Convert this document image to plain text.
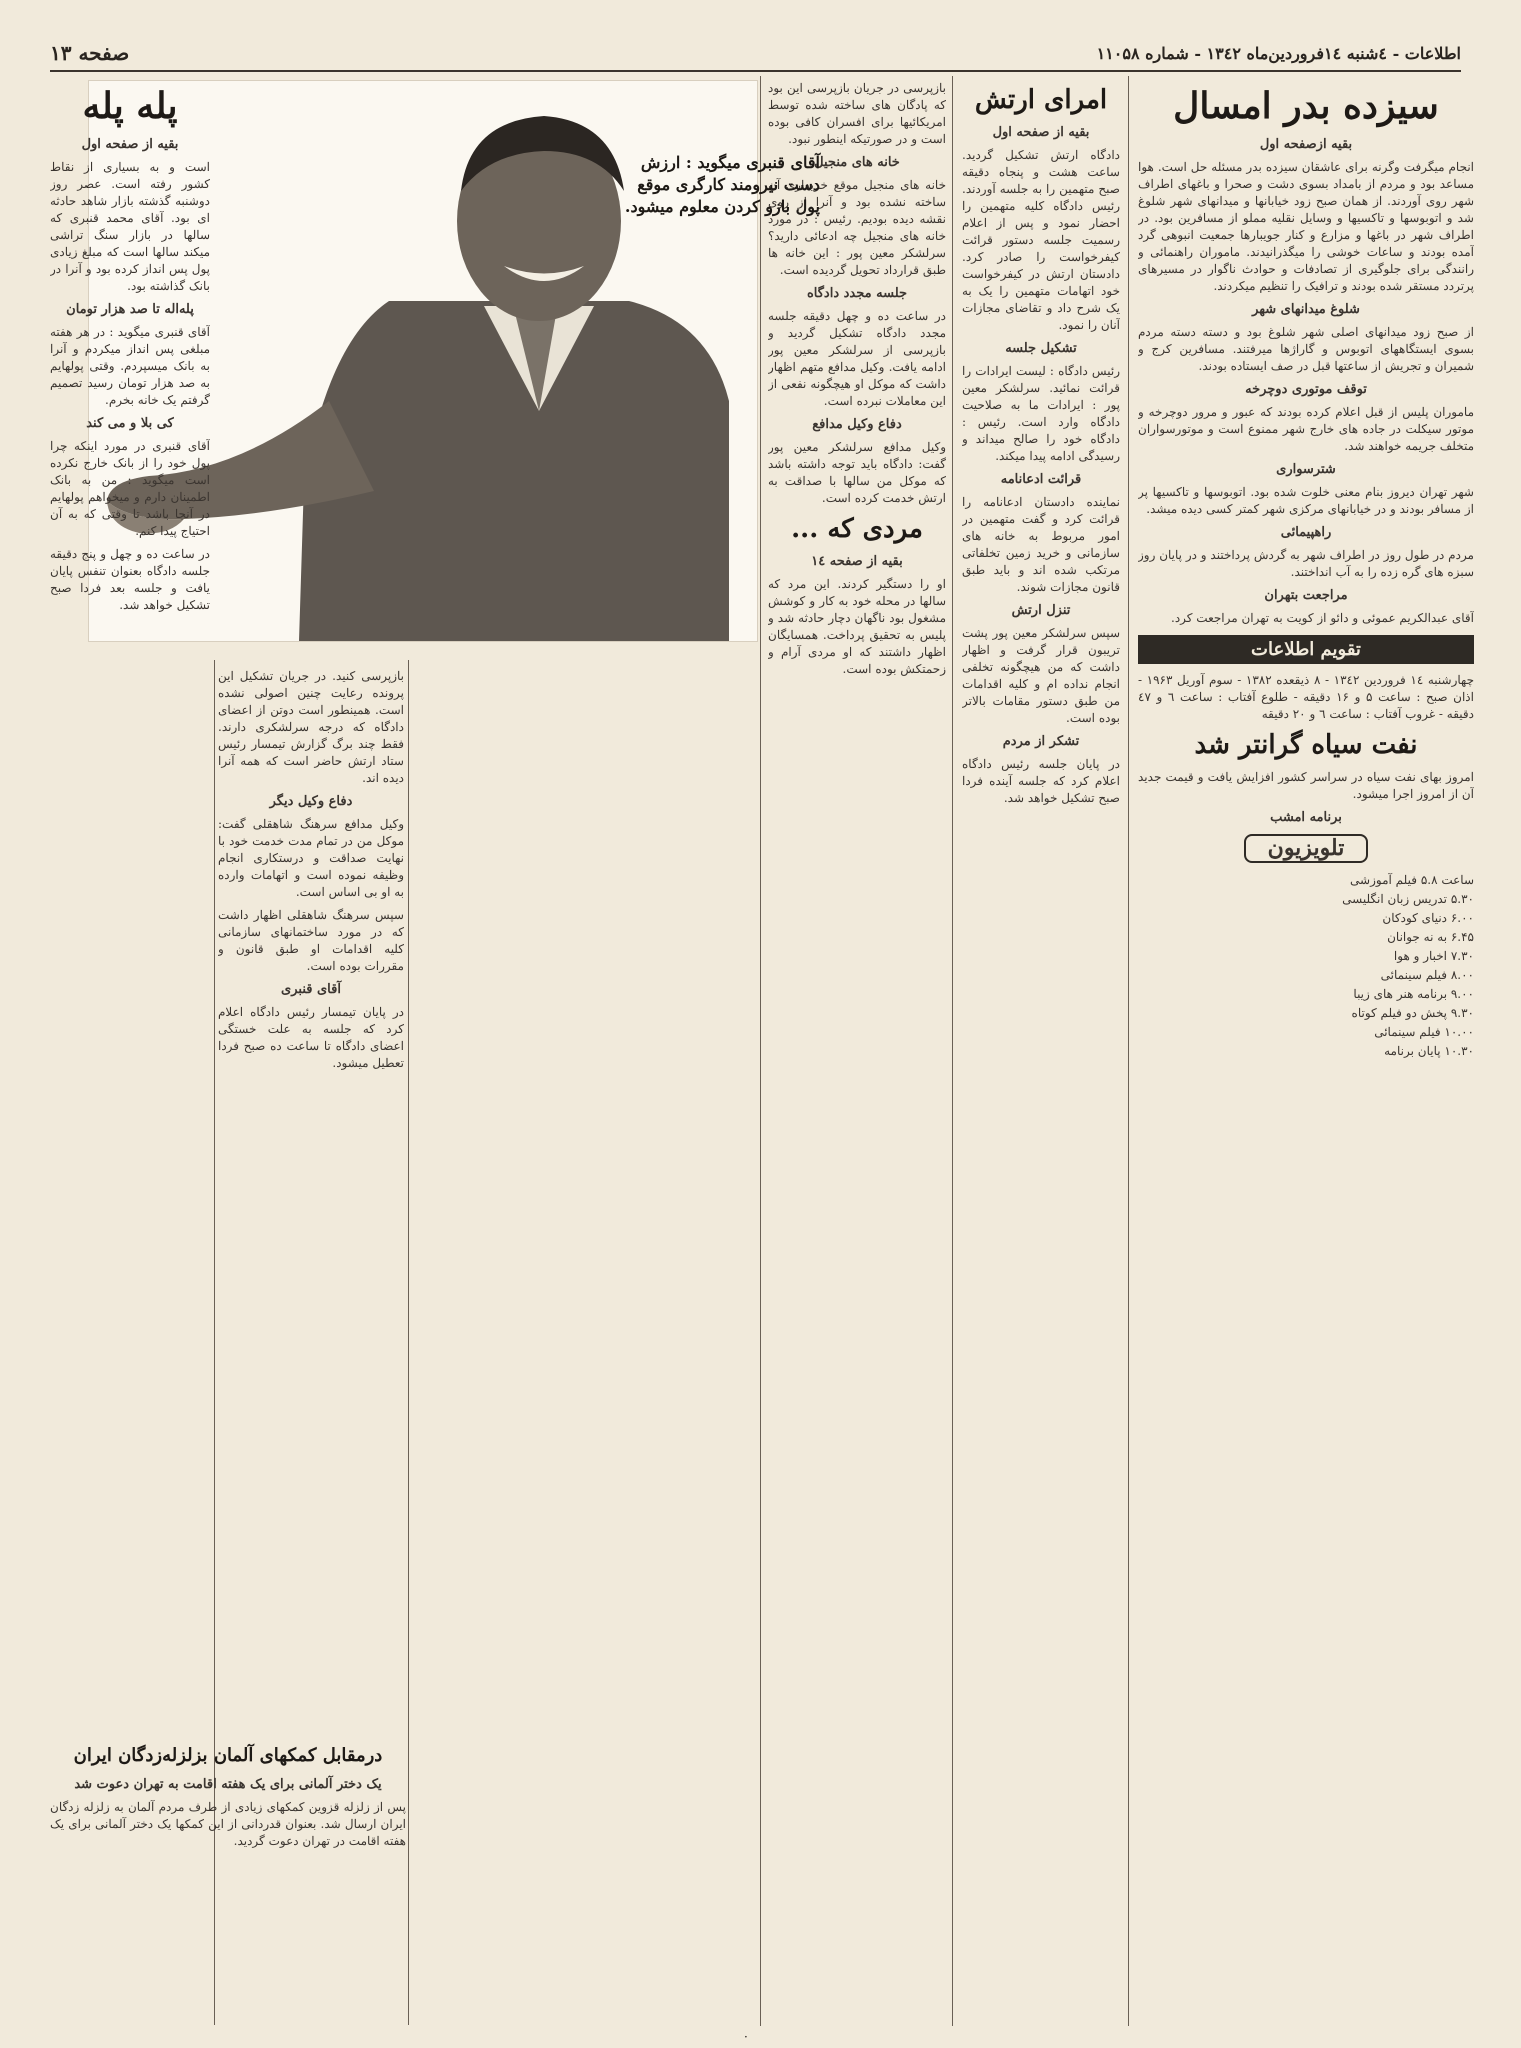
اطلاعات - ٤شنبه ١٤فروردین‌ماه ۱۳٤۲ - شماره ۱۱۰۵۸
صفحه ۱۳
سیزده بدر امسال
بقیه ازصفحه اول

انجام میگرفت وگرنه برای عاشقان سیزده بدر مسئله حل است. هوا مساعد بود و مردم از بامداد بسوی دشت و صحرا و باغهای اطراف شهر روی آوردند. از همان صبح زود خیابانها و میدانهای شهر شلوغ شد و اتوبوسها و تاکسیها و وسایل نقلیه مملو از مسافرین بود. در اطراف شهر در باغها و مزارع و کنار جویبارها جمعیت انبوهی گرد آمده بودند و ساعات خوشی را میگذرانیدند. ماموران راهنمائی و رانندگی برای جلوگیری از تصادفات و حوادث ناگوار در مسیرهای پرتردد مستقر شده بودند و ترافیک را تنظیم میکردند.

شلوغ میدانهای شهر

از صبح زود میدانهای اصلی شهر شلوغ بود و دسته دسته مردم بسوی ایستگاههای اتوبوس و گاراژها میرفتند. مسافرین کرج و شمیران و تجریش از ساعتها قبل در صف ایستاده بودند.

توقف موتوری دوچرخه

ماموران پلیس از قبل اعلام کرده بودند که عبور و مرور دوچرخه و موتور سیکلت در جاده های خارج شهر ممنوع است و موتورسواران متخلف جریمه خواهند شد.

شترسواری

شهر تهران دیروز بنام معنی خلوت شده بود. اتوبوسها و تاکسیها پر از مسافر بودند و در خیابانهای مرکزی شهر کمتر کسی دیده میشد.

راهپیمائی

مردم در طول روز در اطراف شهر به گردش پرداختند و در پایان روز سبزه های گره زده را به آب انداختند.

مراجعت بتهران

آقای عبدالکریم عموئی و دائو از کویت به تهران مراجعت کرد.

تقویم اطلاعات

چهارشنبه ۱٤ فروردین ۱۳٤۲ - ۸ ذیقعده ۱۳۸۲ - سوم آوریل ۱۹۶۳ - اذان صبح : ساعت ۵ و ۱۶ دقیقه - طلوع آفتاب : ساعت ٦ و ٤۷ دقیقه - غروب آفتاب : ساعت ٦ و ۲۰ دقیقه

نفت سیاه گرانتر شد

امروز بهای نفت سیاه در سراسر کشور افزایش یافت و قیمت جدید آن از امروز اجرا میشود.

برنامه امشب
تلویزیون
ساعت ۵.۸ فیلم آموزشی
۵.۳۰ تدریس زبان انگلیسی
۶.۰۰ دنیای کودکان
۶.۴۵ به نه جوانان
۷.۳۰ اخبار و هوا
۸.۰۰ فیلم سینمائی
۹.۰۰ برنامه هنر های زیبا
۹.۳۰ پخش دو فیلم کوتاه
۱۰.۰۰ فیلم سینمائی
۱۰.۳۰ پایان برنامه
امرای ارتش
بقیه از صفحه اول

دادگاه ارتش تشکیل گردید. ساعت هشت و پنجاه دقیقه صبح متهمین را به جلسه آوردند. رئیس دادگاه کلیه متهمین را احضار نمود و پس از اعلام رسمیت جلسه دستور قرائت کیفرخواست را صادر کرد. دادستان ارتش در کیفرخواست خود اتهامات متهمین را یک به یک شرح داد و تقاضای مجازات آنان را نمود.

تشکیل جلسه

رئیس دادگاه : لیست ایرادات را قرائت نمائید. سرلشکر معین پور : ایرادات ما به صلاحیت دادگاه وارد است. رئیس : دادگاه خود را صالح میداند و رسیدگی ادامه پیدا میکند.

قرائت ادعانامه

نماینده دادستان ادعانامه را قرائت کرد و گفت متهمین در امور مربوط به خانه های سازمانی و خرید زمین تخلفاتی مرتکب شده اند و باید طبق قانون مجازات شوند.

تنزل ارتش

سپس سرلشکر معین پور پشت تریبون قرار گرفت و اظهار داشت که من هیچگونه تخلفی انجام نداده ام و کلیه اقدامات من طبق دستور مقامات بالاتر بوده است.

تشکر از مردم

در پایان جلسه رئیس دادگاه اعلام کرد که جلسه آینده فردا صبح تشکیل خواهد شد.

بازپرسی در جریان بازپرسی این بود که پادگان های ساخته شده توسط امریکائیها برای افسران کافی بوده است و در صورتیکه اینطور نبود.

خانه های منجیل

خانه های منجیل موقع خریداری آن ساخته نشده بود و آنرا از روی نقشه دیده بودیم. رئیس : در مورد خانه های منجیل چه ادعائی دارید؟ سرلشکر معین پور : این خانه ها طبق قرارداد تحویل گردیده است.

جلسه مجدد دادگاه

در ساعت ده و چهل دقیقه جلسه مجدد دادگاه تشکیل گردید و بازپرسی از سرلشکر معین پور ادامه یافت. وکیل مدافع متهم اظهار داشت که موکل او هیچگونه نفعی از این معاملات نبرده است.

دفاع وکیل مدافع

وکیل مدافع سرلشکر معین پور گفت: دادگاه باید توجه داشته باشد که موکل من سالها با صداقت به ارتش خدمت کرده است.

مردی که ...
بقیه از صفحه ١٤

او را دستگیر کردند. این مرد که سالها در محله خود به کار و کوشش مشغول بود ناگهان دچار حادثه شد و پلیس به تحقیق پرداخت. همسایگان اظهار داشتند که او مردی آرام و زحمتکش بوده است.

آقای قنبری میگوید : ارزش دست نیرومند کارگری موقع پول بازو کردن معلوم میشود.

بازپرسی کنید. در جریان تشکیل این پرونده رعایت چنین اصولی نشده است. همینطور است دوتن از اعضای دادگاه که درجه سرلشکری دارند. فقط چند برگ گزارش تیمسار رئیس ستاد ارتش حاضر است که همه آنرا دیده اند.

دفاع وکیل دیگر

وکیل مدافع سرهنگ شاهقلی گفت: موکل من در تمام مدت خدمت خود با نهایت صداقت و درستکاری انجام وظیفه نموده است و اتهامات وارده به او بی اساس است.

سپس سرهنگ شاهقلی اظهار داشت که در مورد ساختمانهای سازمانی کلیه اقدامات او طبق قانون و مقررات بوده است.

آقای قنبری

در پایان تیمسار رئیس دادگاه اعلام کرد که جلسه به علت خستگی اعضای دادگاه تا ساعت ده صبح فردا تعطیل میشود.

درمقابل کمکهای آلمان بزلزله‌زدگان ایران
یک دختر آلمانی برای یک هفته اقامت به تهران دعوت شد

پس از زلزله قزوین کمکهای زیادی از طرف مردم آلمان به زلزله زدگان ایران ارسال شد. بعنوان قدردانی از این کمکها یک دختر آلمانی برای یک هفته اقامت در تهران دعوت گردید.

پله پله
بقیه از صفحه اول

است و به بسیاری از نقاط کشور رفته است. عصر روز دوشنبه گذشته بازار شاهد حادثه ای بود. آقای محمد قنبری که سالها در بازار سنگ تراشی میکند سالها است که مبلغ زیادی پول پس انداز کرده بود و آنرا در بانک گذاشته بود.

پله‌اله تا صد هزار تومان

آقای قنبری میگوید : در هر هفته مبلغی پس انداز میکردم و آنرا به بانک میسپردم. وقتی پولهایم به صد هزار تومان رسید تصمیم گرفتم یک خانه بخرم.

کی بلا و می کند

آقای قنبری در مورد اینکه چرا پول خود را از بانک خارج نکرده است میگوید : من به بانک اطمینان دارم و میخواهم پولهایم در آنجا باشد تا وقتی که به آن احتیاج پیدا کنم.

در ساعت ده و چهل و پنج دقیقه جلسه دادگاه بعنوان تنفس پایان یافت و جلسه بعد فردا صبح تشکیل خواهد شد.

·
